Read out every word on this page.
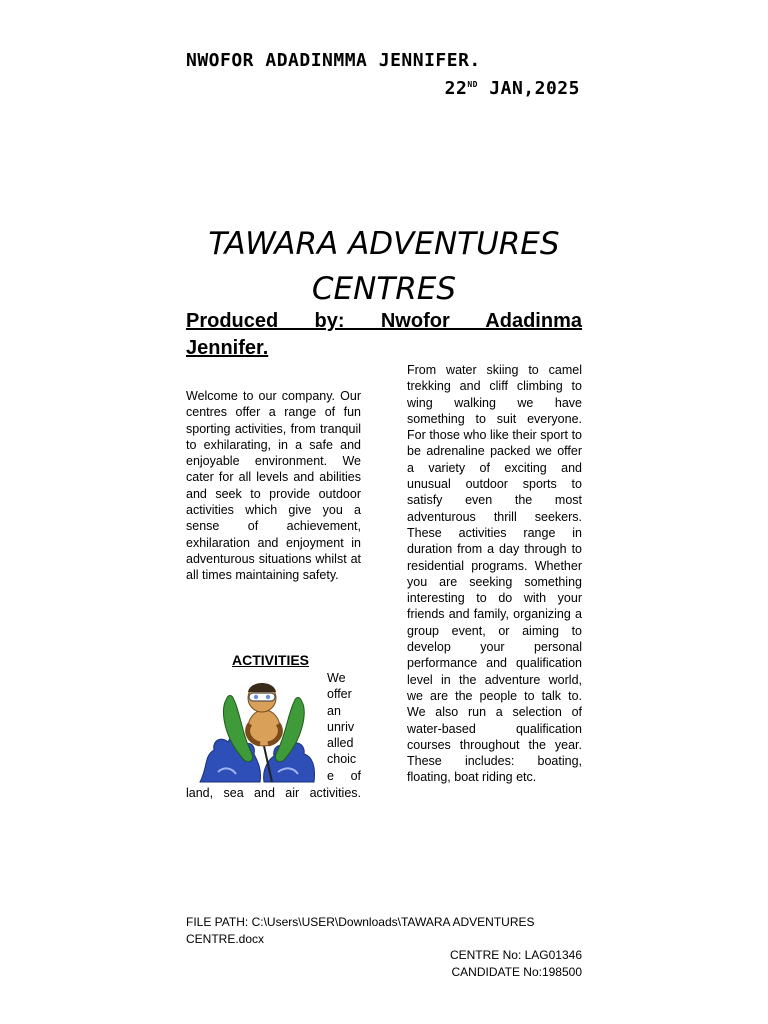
NWOFOR ADADINMMA JENNIFER.
22ND JAN,2025
TAWARA ADVENTURES
CENTRES
Produced by: Nwofor Adadinma
Jennifer.
Welcome to our company. Our centres offer a range of fun sporting activities, from tranquil to exhilarating, in a safe and enjoyable environment. We cater for all levels and abilities and seek to provide outdoor activities which give you a sense of achievement, exhilaration and enjoyment in adventurous situations whilst at all times maintaining safety.
ACTIVITIES
We
offer
an
unriv
alled
choic
e of
land, sea and air activities.
From water skiing to camel trekking and cliff climbing to wing walking we have something to suit everyone. For those who like their sport to be adrenaline packed we offer a variety of exciting and unusual outdoor sports to satisfy even the most adventurous thrill seekers. These activities range in duration from a day through to residential programs. Whether you are seeking something interesting to do with your friends and family, organizing a group event, or aiming to develop your personal performance and qualification level in the adventure world, we are the people to talk to. We also run a selection of water-based qualification courses throughout the year. These includes: boating, floating, boat riding etc.
FILE PATH: C:\Users\USER\Downloads\TAWARA ADVENTURES CENTRE.docx
CENTRE No: LAG01346
CANDIDATE No:198500
